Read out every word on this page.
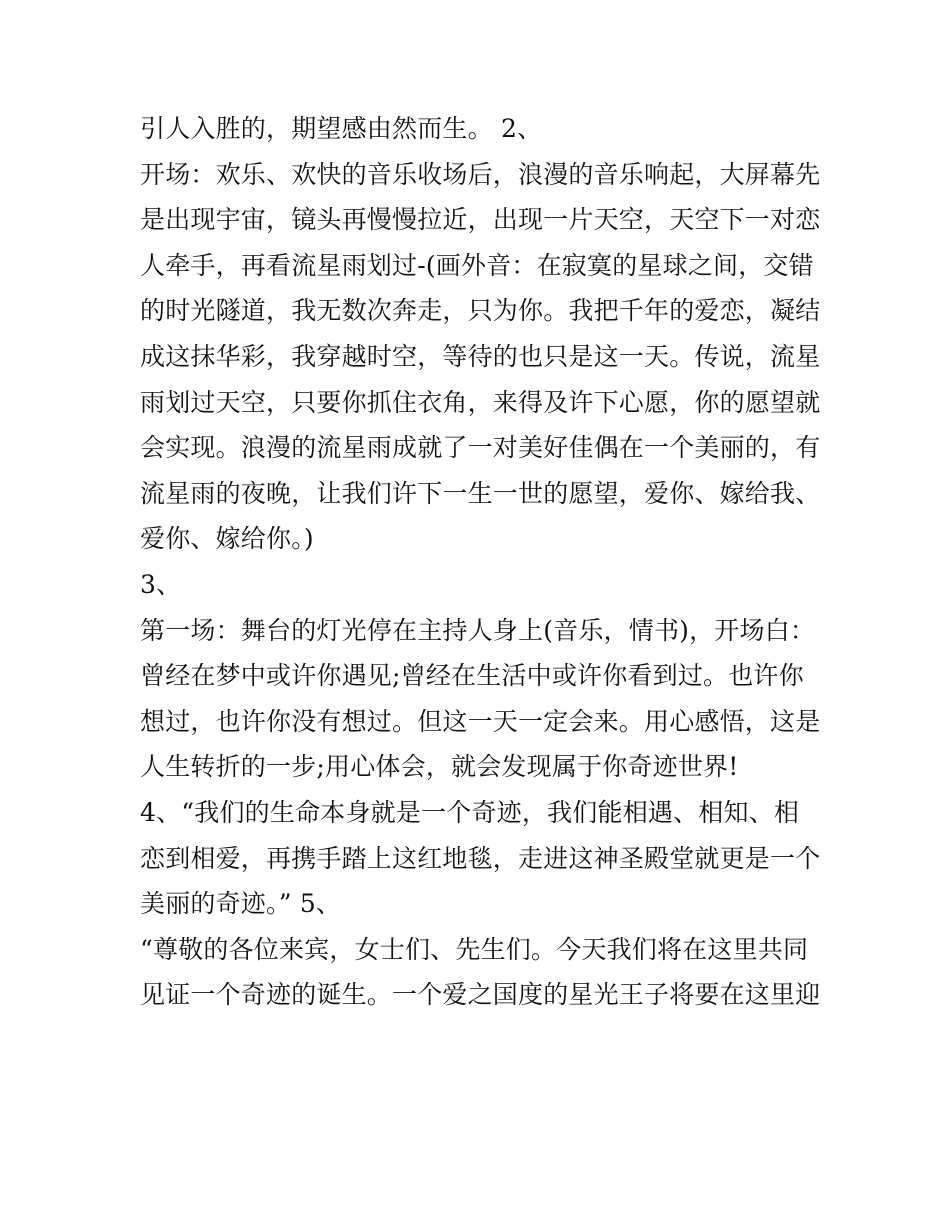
引人入胜的，期望感由然而生。 2、
开场：欢乐、欢快的音乐收场后，浪漫的音乐响起，大屏幕先
是出现宇宙，镜头再慢慢拉近，出现一片天空，天空下一对恋
人牵手，再看流星雨划过-(画外音：在寂寞的星球之间，交错
的时光隧道，我无数次奔走，只为你。我把千年的爱恋，凝结
成这抹华彩，我穿越时空，等待的也只是这一天。传说，流星
雨划过天空，只要你抓住衣角，来得及许下心愿，你的愿望就
会实现。浪漫的流星雨成就了一对美好佳偶在一个美丽的，有
流星雨的夜晚，让我们许下一生一世的愿望，爱你、嫁给我、
爱你、嫁给你。)
3、
第一场：舞台的灯光停在主持人身上(音乐，情书)，开场白：
曾经在梦中或许你遇见;曾经在生活中或许你看到过。也许你
想过，也许你没有想过。但这一天一定会来。用心感悟，这是
人生转折的一步;用心体会，就会发现属于你奇迹世界!
4、“我们的生命本身就是一个奇迹，我们能相遇、相知、相
恋到相爱，再携手踏上这红地毯，走进这神圣殿堂就更是一个
美丽的奇迹。” 5、
“尊敬的各位来宾，女士们、先生们。今天我们将在这里共同
见证一个奇迹的诞生。一个爱之国度的星光王子将要在这里迎
